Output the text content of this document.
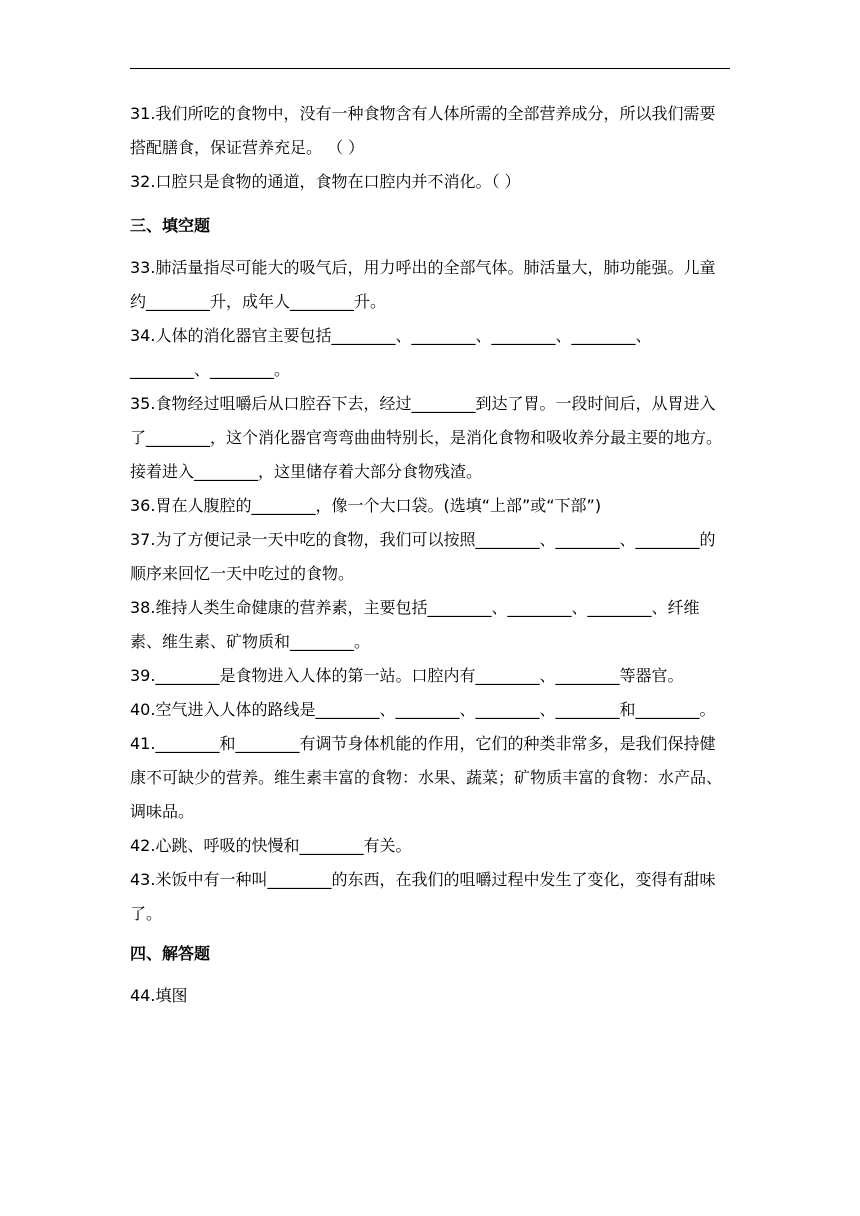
31.我们所吃的食物中，没有一种食物含有人体所需的全部营养成分，所以我们需要搭配膳食，保证营养充足。 （ ）

32.口腔只是食物的通道，食物在口腔内并不消化。（ ）

三、填空题

33.肺活量指尽可能大的吸气后，用力呼出的全部气体。肺活量大，肺功能强。儿童约________升，成年人________升。

34.人体的消化器官主要包括________、________、________、________、________、________。

35.食物经过咀嚼后从口腔吞下去，经过________到达了胃。一段时间后，从胃进入了________，这个消化器官弯弯曲曲特别长，是消化食物和吸收养分最主要的地方。接着进入________，这里储存着大部分食物残渣。

36.胃在人腹腔的________，像一个大口袋。(选填“上部”或“下部”)

37.为了方便记录一天中吃的食物，我们可以按照________、________、________的顺序来回忆一天中吃过的食物。

38.维持人类生命健康的营养素，主要包括________、________、________、纤维素、维生素、矿物质和________。

39.________是食物进入人体的第一站。口腔内有________、________等器官。

40.空气进入人体的路线是________、________、________、________和________。

41.________和________有调节身体机能的作用，它们的种类非常多，是我们保持健康不可缺少的营养。维生素丰富的食物：水果、蔬菜；矿物质丰富的食物：水产品、调味品。

42.心跳、呼吸的快慢和________有关。

43.米饭中有一种叫________的东西，在我们的咀嚼过程中发生了变化，变得有甜味了。

四、解答题

44.填图
